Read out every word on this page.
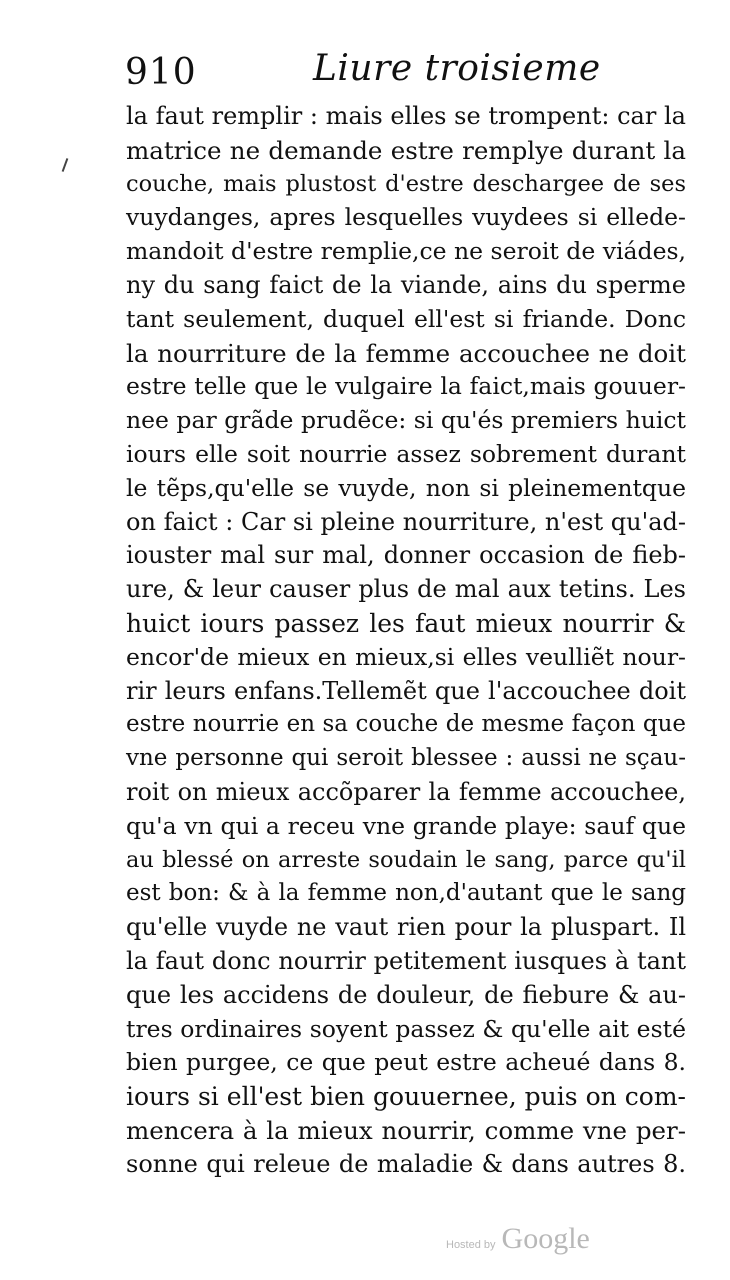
910	Liure troisieme
la faut remplir : mais elles se trompent: car la
matrice ne demande estre remplye durant la
couche, mais plustost d'estre deschargee de ses
vuydanges, apres lesquelles vuydees si ellede-
mandoit d'estre remplie,ce ne seroit de viádes,
ny du sang faict de la viande, ains du sperme
tant seulement, duquel ell'est si friande. Donc
la nourriture de la femme accouchee ne doit
estre telle que le vulgaire la faict,mais gouuer-
nee par grãde prudẽce: si qu'és premiers huict
iours elle soit nourrie assez sobrement durant
le tẽps,qu'elle se vuyde, non si pleinementque
on faict : Car si pleine nourriture, n'est qu'ad-
iouster mal sur mal, donner occasion de fieb-
ure, & leur causer plus de mal aux tetins. Les
huict iours passez les faut mieux nourrir &
encor'de mieux en mieux,si elles veulliẽt nour-
rir leurs enfans.Tellemẽt que l'accouchee doit
estre nourrie en sa couche de mesme façon que
vne personne qui seroit blessee : aussi ne sçau-
roit on mieux accõparer la femme accouchee,
qu'a vn qui a receu vne grande playe: sauf que
au blessé on arreste soudain le sang, parce qu'il
est bon: & à la femme non,d'autant que le sang
qu'elle vuyde ne vaut rien pour la pluspart. Il
la faut donc nourrir petitement iusques à tant
que les accidens de douleur, de fiebure & au-
tres ordinaires soyent passez & qu'elle ait esté
bien purgee, ce que peut estre acheué dans 8.
iours si ell'est bien gouuernee, puis on com-
mencera à la mieux nourrir, comme vne per-
sonne qui releue de maladie & dans autres 8.
Hosted by Google
